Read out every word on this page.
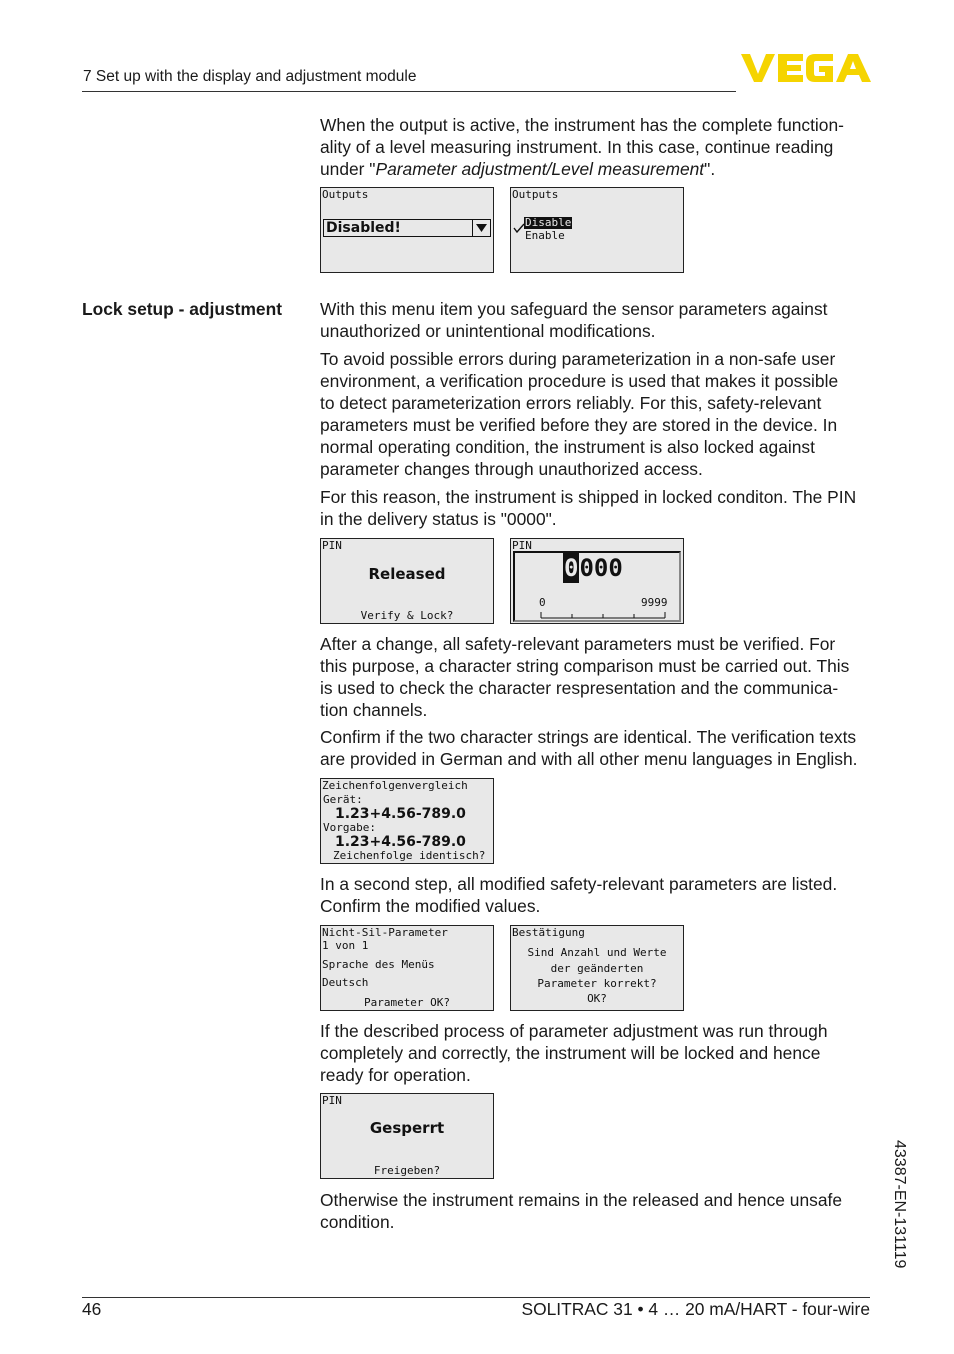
7 Set up with the display and adjustment module
When the output is active, the instrument has the complete function-
ality of a level measuring instrument. In this case, continue reading
under "Parameter adjustment/Level measurement".
Outputs
Disabled!
Outputs
Disable
Enable
Lock setup - adjustment With this menu item you safeguard the sensor parameters against
unauthorized or unintentional modifications.
To avoid possible errors during parameterization in a non-safe user
environment, a verification procedure is used that makes it possible
to detect parameterization errors reliably. For this, safety-relevant
parameters must be verified before they are stored in the device. In
normal operating condition, the instrument is also locked against
parameter changes through unauthorized access.
For this reason, the instrument is shipped in locked conditon. The PIN
in the delivery status is "0000".
PIN
Released
Verify & Lock?
PIN
0000
0	9999
After a change, all safety-relevant parameters must be verified. For
this purpose, a character string comparison must be carried out. This
is used to check the character respresentation and the communica-
tion channels.
Confirm if the two character strings are identical. The verification texts
are provided in German and with all other menu languages in English.
Zeichenfolgenvergleich
Gerät:
1.23+4.56-789.0
Vorgabe:
1.23+4.56-789.0
Zeichenfolge identisch?
In a second step, all modified safety-relevant parameters are listed.
Confirm the modified values.
Nicht-Sil-Parameter
1 von 1
Sprache des Menüs
Deutsch
Parameter OK?
Bestätigung
Sind Anzahl und Werte
der geänderten
Parameter korrekt?
OK?
If the described process of parameter adjustment was run through
completely and correctly, the instrument will be locked and hence
ready for operation.
PIN
Gesperrt
Freigeben?
Otherwise the instrument remains in the released and hence unsafe
condition.	43387-EN-131119
46	SOLITRAC 31 • 4 … 20 mA/HART - four-wire
